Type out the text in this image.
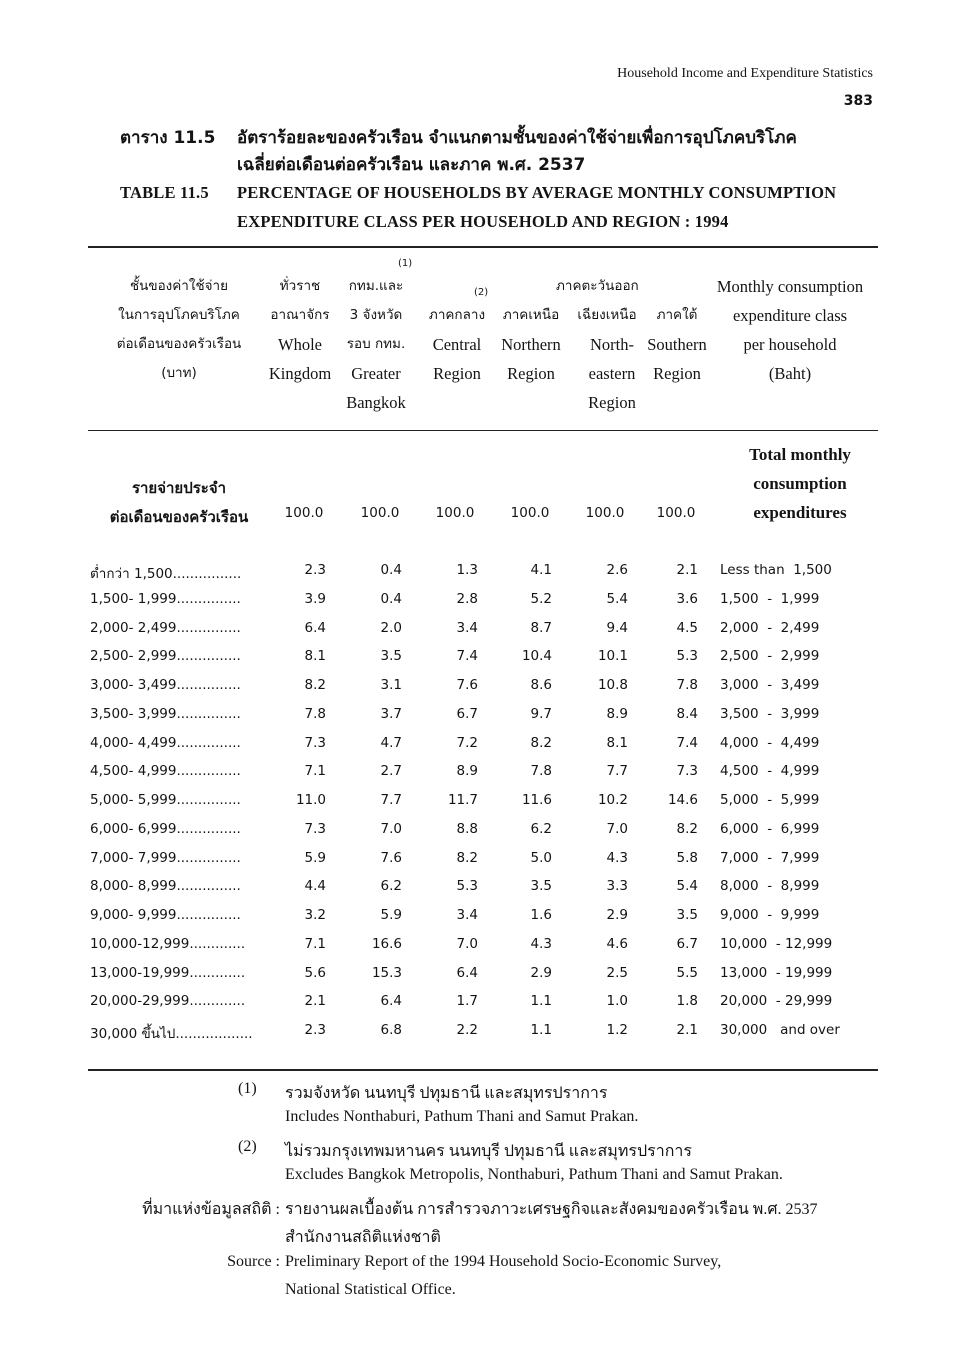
Household Income and Expenditure Statistics
383
ตาราง 11.5 อัตราร้อยละของครัวเรือน จำแนกตามชั้นของค่าใช้จ่ายเพื่อการอุปโภคบริโภค
เฉลี่ยต่อเดือนต่อครัวเรือน และภาค พ.ศ. 2537
TABLE 11.5 PERCENTAGE OF HOUSEHOLDS BY AVERAGE MONTHLY CONSUMPTION
EXPENDITURE CLASS PER HOUSEHOLD AND REGION : 1994
ชั้นของค่าใช้จ่าย
ในการอุปโภคบริโภค
ต่อเดือนของครัวเรือน
(บาท)
ทั่วราช
อาณาจักร
Whole
Kingdom
(1)
กทม.และ
3 จังหวัด
รอบ กทม.
Greater
Bangkok
(2)
ภาคกลาง
Central
Region
ภาคเหนือ
Northern
Region
ภาคตะวันออก
เฉียงเหนือ
North-
eastern
Region
ภาคใต้
Southern
Region
Monthly consumption
expenditure class
per household
(Baht)
รายจ่ายประจำ
ต่อเดือนของครัวเรือน
Total monthly
consumption
expenditures
100.0	100.0	100.0	100.0	100.0	100.0
ต่ำกว่า 1,500................	2.3	0.4	1.3	4.1	2.6	2.1 Less than  1,500
1,500- 1,999...............	3.9	0.4	2.8	5.2	5.4	3.6 1,500  -  1,999
2,000- 2,499...............	6.4	2.0	3.4	8.7	9.4	4.5 2,000  -  2,499
2,500- 2,999...............	8.1	3.5	7.4	10.4	10.1	5.3 2,500  -  2,999
3,000- 3,499...............	8.2	3.1	7.6	8.6	10.8	7.8 3,000  -  3,499
3,500- 3,999...............	7.8	3.7	6.7	9.7	8.9	8.4 3,500  -  3,999
4,000- 4,499...............	7.3	4.7	7.2	8.2	8.1	7.4 4,000  -  4,499
4,500- 4,999...............	7.1	2.7	8.9	7.8	7.7	7.3 4,500  -  4,999
5,000- 5,999...............	11.0	7.7	11.7	11.6	10.2	14.6 5,000  -  5,999
6,000- 6,999...............	7.3	7.0	8.8	6.2	7.0	8.2 6,000  -  6,999
7,000- 7,999...............	5.9	7.6	8.2	5.0	4.3	5.8 7,000  -  7,999
8,000- 8,999...............	4.4	6.2	5.3	3.5	3.3	5.4 8,000  -  8,999
9,000- 9,999...............	3.2	5.9	3.4	1.6	2.9	3.5 9,000  -  9,999
10,000-12,999.............	7.1	16.6	7.0	4.3	4.6	6.7 10,000  - 12,999
13,000-19,999.............	5.6	15.3	6.4	2.9	2.5	5.5 13,000  - 19,999
20,000-29,999.............	2.1	6.4	1.7	1.1	1.0	1.8 20,000  - 29,999
30,000 ขึ้นไป..................	2.3	6.8	2.2	1.1	1.2	2.1 30,000   and over
(1) รวมจังหวัด นนทบุรี ปทุมธานี และสมุทรปราการ
Includes Nonthaburi, Pathum Thani and Samut Prakan.
(2) ไม่รวมกรุงเทพมหานคร นนทบุรี ปทุมธานี และสมุทรปราการ
Excludes Bangkok Metropolis, Nonthaburi, Pathum Thani and Samut Prakan.
ที่มาแห่งข้อมูลสถิติ : รายงานผลเบื้องต้น การสำรวจภาวะเศรษฐกิจและสังคมของครัวเรือน พ.ศ. 2537
สำนักงานสถิติแห่งชาติ
Source : Preliminary Report of the 1994 Household Socio-Economic Survey,
National Statistical Office.
